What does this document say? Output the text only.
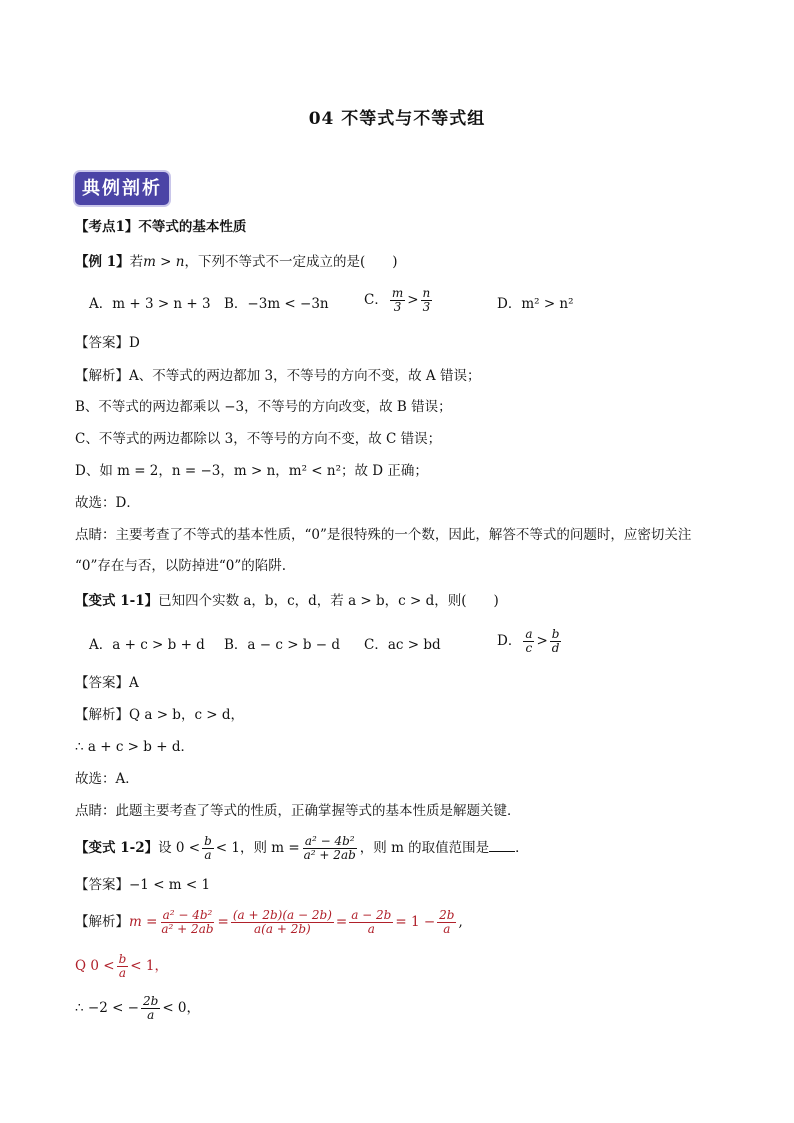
04 不等式与不等式组
典例剖析
【考点1】不等式的基本性质
【例 1】若m > n，下列不等式不一定成立的是(　　)
A．m + 3 > n + 3 B．−3m < −3n	C． $\frac{m}{3} > \frac{n}{3}$	D．m² > n²
【答案】D
【解析】A、不等式的两边都加 3，不等号的方向不变，故 A 错误；
B、不等式的两边都乘以 −3，不等号的方向改变，故 B 错误；
C、不等式的两边都除以 3，不等号的方向不变，故 C 错误；
D、如 m = 2，n = −3，m > n，m² < n²；故 D 正确；
故选：D．
点睛：主要考查了不等式的基本性质，“0”是很特殊的一个数，因此，解答不等式的问题时，应密切关注
“0”存在与否，以防掉进“0”的陷阱.
【变式 1-1】已知四个实数 a，b，c，d，若 a > b，c > d，则(　　)
A．a + c > b + d B．a − c > b − d C．ac > bd	D． $\frac{a}{c} > \frac{b}{d}$
【答案】A
【解析】Q a > b，c > d，
∴ a + c > b + d．
故选：A．
点睛：此题主要考查了等式的性质，正确掌握等式的基本性质是解题关键．
【变式 1-2】设 $0 < \frac{b}{a} < 1$，则 $m = \frac{\text{a² − 4b²}}{\text{a² + 2ab}}$ ，则 m 的取值范围是 ．
【答案】−1 < m < 1
【解析】$m = \frac{\text{a² − 4b²}}{\text{a² + 2ab}} = \frac{(a + 2b)(a - 2b)}{a(a + 2b)} = \frac{a - 2b}{a} = 1 - \frac{2b}{a}$ ,
Q $0 < \frac{b}{a} < 1$，
∴ −2 < − $\frac{2b}{a} < 0$，
